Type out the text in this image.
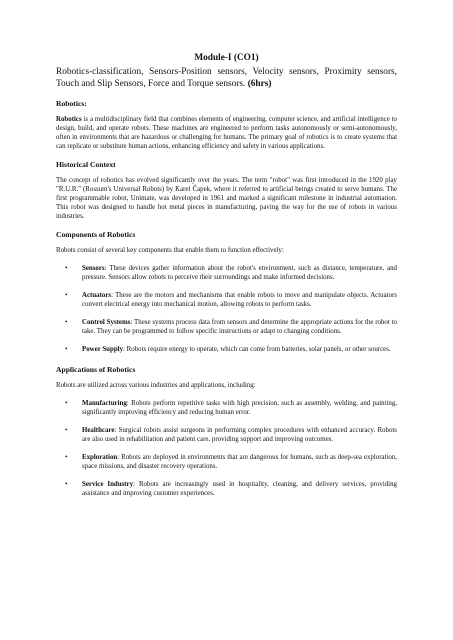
Module-I (CO1)
Robotics-classification, Sensors-Position sensors, Velocity sensors, Proximity sensors, Touch and Slip Sensors, Force and Torque sensors. (6hrs)
Robotics:

Robotics is a multidisciplinary field that combines elements of engineering, computer science, and artificial intelligence to design, build, and operate robots. These machines are engineered to perform tasks autonomously or semi-autonomously, often in environments that are hazardous or challenging for humans. The primary goal of robotics is to create systems that can replicate or substitute human actions, enhancing efficiency and safety in various applications.

Historical Context

The concept of robotics has evolved significantly over the years. The term "robot" was first introduced in the 1920 play "R.U.R." (Rossum's Universal Robots) by Karel Čapek, where it referred to artificial beings created to serve humans. The first programmable robot, Unimate, was developed in 1961 and marked a significant milestone in industrial automation. This robot was designed to handle hot metal pieces in manufacturing, paving the way for the use of robots in various industries.

Components of Robotics

Robots consist of several key components that enable them to function effectively:

• Sensors: These devices gather information about the robot's environment, such as distance, temperature, and pressure. Sensors allow robots to perceive their surroundings and make informed decisions.
• Actuators: These are the motors and mechanisms that enable robots to move and manipulate objects. Actuators convert electrical energy into mechanical motion, allowing robots to perform tasks.
• Control Systems: These systems process data from sensors and determine the appropriate actions for the robot to take. They can be programmed to follow specific instructions or adapt to changing conditions.
• Power Supply: Robots require energy to operate, which can come from batteries, solar panels, or other sources.
Applications of Robotics

Robots are utilized across various industries and applications, including:

• Manufacturing: Robots perform repetitive tasks with high precision, such as assembly, welding, and painting, significantly improving efficiency and reducing human error.
• Healthcare: Surgical robots assist surgeons in performing complex procedures with enhanced accuracy. Robots are also used in rehabilitation and patient care, providing support and improving outcomes.
• Exploration: Robots are deployed in environments that are dangerous for humans, such as deep-sea exploration, space missions, and disaster recovery operations.
• Service Industry: Robots are increasingly used in hospitality, cleaning, and delivery services, providing assistance and improving customer experiences.
